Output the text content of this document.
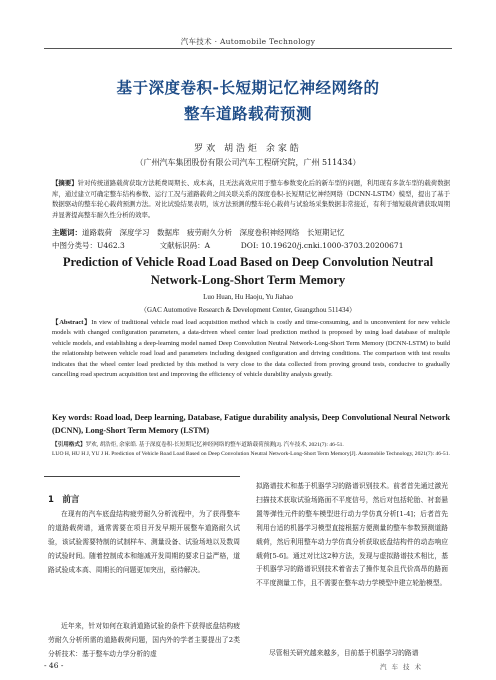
汽车技术 · Automobile Technology
基于深度卷积-长短期记忆神经网络的
整车道路载荷预测
罗欢 胡浩炬 余家皓
（广州汽车集团股份有限公司汽车工程研究院，广州 511434）
【摘要】针对传统道路载荷获取方法耗费周期长、成本高，且无法高效应用于整车参数变化后的新车型的问题，利用现有多款车型的载荷数据库，通过建立可确定整车结构参数、运行工况与道路载荷之间关联关系的深度卷积-长短期记忆神经网络（DCNN-LSTM）模型，提出了基于数据驱动的整车轮心载荷预测方法。对比试验结果表明，该方法预测的整车轮心载荷与试验场采集数据非常接近，有利于缩短载荷谱获取周期并显著提高整车耐久性分析的效率。
主题词：道路载荷　深度学习　数据库　疲劳耐久分析　深度卷积神经网络　长短期记忆
中图分类号：U462.3	文献标识码：A	DOI: 10.19620/j.cnki.1000-3703.20200671
Prediction of Vehicle Road Load Based on Deep Convolution Neutral
Network-Long-Short Term Memory
Luo Huan, Hu Haoju, Yu Jiahao
（GAC Automotive Research & Development Center, Guangzhou 511434）
【Abstract】In view of traditional vehicle road load acquisition method which is costly and time-consuming, and is unconvenient for new vehicle models with changed configuration parameters, a data-driven wheel center load prediction method is proposed by using load database of multiple vehicle models, and establishing a deep-learning model named Deep Convolution Neutral Network-Long-Short Term Memory (DCNN-LSTM) to build the relationship between vehicle road load and parameters including designed configuration and driving conditions. The comparison with test results indicates that the wheel center load predicted by this method is very close to the data collected from proving ground tests, conducive to gradually cancelling road spectrum acquisition test and improving the efficiency of vehicle durability analysis greatly.
Key words: Road load, Deep learning, Database, Fatigue durability analysis, Deep Convolutional Neural Network (DCNN), Long-Short Term Memory (LSTM)
【引用格式】罗欢, 胡浩炬, 余家皓. 基于深度卷积-长短期记忆神经网络的整车道路载荷预测[J]. 汽车技术, 2021(7): 46-51.
LUO H, HU H J, YU J H. Prediction of Vehicle Road Load Based on Deep Convolution Neutral Network-Long-Short Term Memory[J]. Automobile Technology, 2021(7): 46-51.
1　前言
在现有的汽车底盘结构疲劳耐久分析流程中，为了获得整车的道路载荷谱，通常需要在项目开发早期开展整车道路耐久试验，该试验需要特制的试制样车、测量设备、试验场地以及数周的试验时间。随着控制成本和缩减开发周期的要求日益严格，道路试验成本高、周期长的问题更加突出，亟待解决。
近年来，针对如何在取消道路试验的条件下获得底盘结构疲劳耐久分析所需的道路载荷问题，国内外的学者主要提出了2类分析技术：基于整车动力学分析的虚
拟路谱技术和基于机器学习的路谱识别技术。前者首先通过激光扫描技术获取试验场路面不平度信号，然后对包括轮胎、衬套悬置等弹性元件的整车模型进行动力学仿真分析[1-4]；后者首先利用台适的机器学习模型直接根据方便测量的整车参数预测道路载荷，然后利用整车动力学仿真分析获取底盘结构件的动态响应载荷[5-6]。通过对比这2种方法，发现与虚拟路谱技术相比，基于机器学习的路谱识别技术着省去了操作复杂且代价高昂的路面不平度测量工作，且不需要在整车动力学模型中建立轮胎模型。
尽管相关研究越来越多，目前基于机器学习的路谱
- 46 -	汽车技术
